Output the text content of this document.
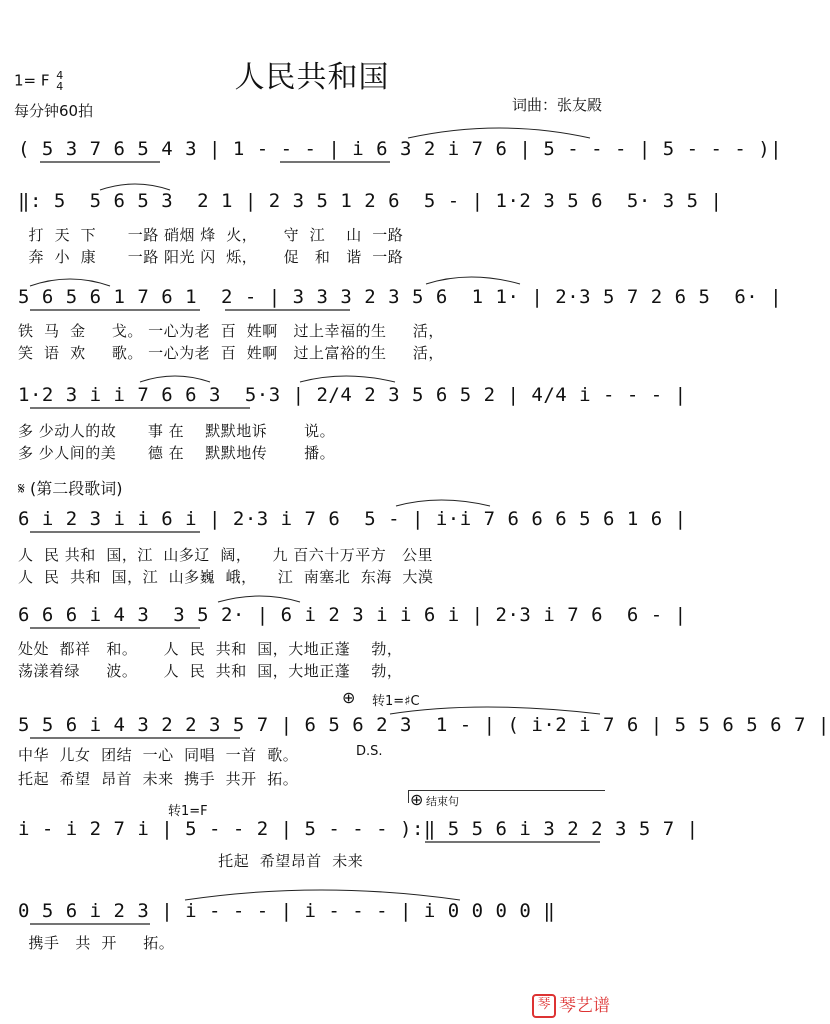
人民共和国
1= F 4
4
每分钟60拍	词曲：张友殿
( 5 3 7 6 5 4 3 | 1 - - - | i 6 3 2 i 7 6 | 5 - - - | 5 - - - )|
‖: 5  5 6 5 3  2 1 | 2 3 5 1 2 6  5 - | 1·2 3 5 6  5· 3 5 |
打  天  下      一路 硝烟 烽  火，     守  江    山  一路
奔  小  康      一路 阳光 闪  烁，     促   和   谐  一路
5 6 5 6 1 7 6 1  2 - | 3 3 3 2 3 5 6  1 1· | 2·3 5 7 2 6 5  6· |
铁  马  金     戈。 一心为老  百  姓啊   过上幸福的生     活，
笑  语  欢     歌。 一心为老  百  姓啊   过上富裕的生     活，
1·2 3 i i 7 6 6 3  5·3 | 2/4 2 3 5 6 5 2 | 4/4 i - - - |
多 少动人的故      事 在    默默地诉       说。
多 少人间的美      德 在    默默地传       播。
𝄋 (第二段歌词)
6 i 2 3 i i 6 i | 2·3 i 7 6  5 - | i·i 7 6 6 6 5 6 1 6 |
人  民 共和  国，江  山多辽  阔，    九 百六十万平方   公里
人  民  共和  国，江  山多巍  峨，    江  南塞北  东海  大漠
6 6 6 i 4 3  3 5 2· | 6 i 2 3 i i 6 i | 2·3 i 7 6  6 - |
处处  都祥   和。     人  民  共和  国，大地正蓬    勃，
荡漾着绿     波。     人  民  共和  国，大地正蓬    勃，
⊕ 转1=♯C
5 5 6 i 4 3 2 2 3 5 7 | 6 5 6 2 3  1 - | ( i·2 i 7 6 | 5 5 6 5 6 7 |
中华  儿女  团结  一心  同唱  一首  歌。	D.S.
托起  希望  昂首  未来  携手  共开  拓。
⊕ 结束句
转1=F
i - i 2 7 i | 5 - - 2 | 5 - - - ):‖ 5 5 6 i 3 2 2 3 5 7 |
托起  希望昂首  未来
0 5 6 i 2 3 | i - - - | i - - - | i 0 0 0 0 ‖
携手   共  开     拓。
琴 琴艺谱
